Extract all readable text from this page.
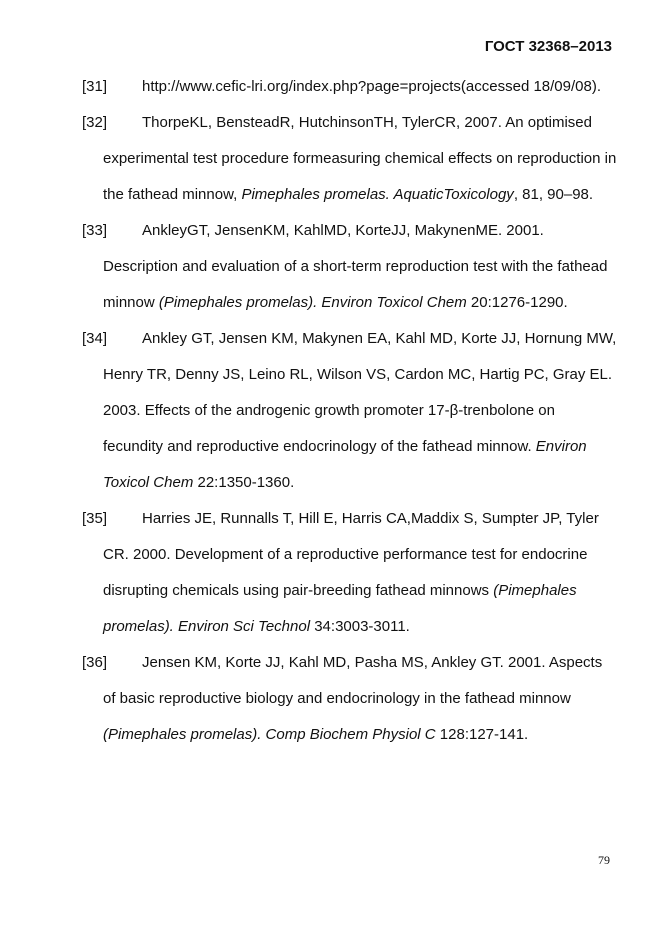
ГОСТ 32368–2013
[31]	http://www.cefic-lri.org/index.php?page=projects(accessed 18/09/08).
[32]	ThorpeKL, BensteadR, HutchinsonTH, TylerCR, 2007. An optimised experimental test procedure formeasuring chemical effects on reproduction in the fathead minnow, Pimephales promelas. AquaticToxicology, 81, 90–98.
[33]	AnkleyGT, JensenKM, KahlMD, KorteJJ, MakynenME. 2001. Description and evaluation of a short-term reproduction test with the fathead minnow (Pimephales promelas). Environ Toxicol Chem 20:1276-1290.
[34]	Ankley GT, Jensen KM, Makynen EA, Kahl MD, Korte JJ, Hornung MW, Henry TR, Denny JS, Leino RL, Wilson VS, Cardon MC, Hartig PC, Gray EL. 2003. Effects of the androgenic growth promoter 17-β-trenbolone on fecundity and reproductive endocrinology of the fathead minnow. Environ Toxicol Chem 22:1350-1360.
[35]	Harries JE, Runnalls T, Hill E, Harris CA,Maddix S, Sumpter JP, Tyler CR. 2000. Development of a reproductive performance test for endocrine disrupting chemicals using pair-breeding fathead minnows (Pimephales promelas). Environ Sci Technol 34:3003-3011.
[36]	Jensen KM, Korte JJ, Kahl MD, Pasha MS, Ankley GT. 2001. Aspects of basic reproductive biology and endocrinology in the fathead minnow (Pimephales promelas). Comp Biochem Physiol C 128:127-141.
79
